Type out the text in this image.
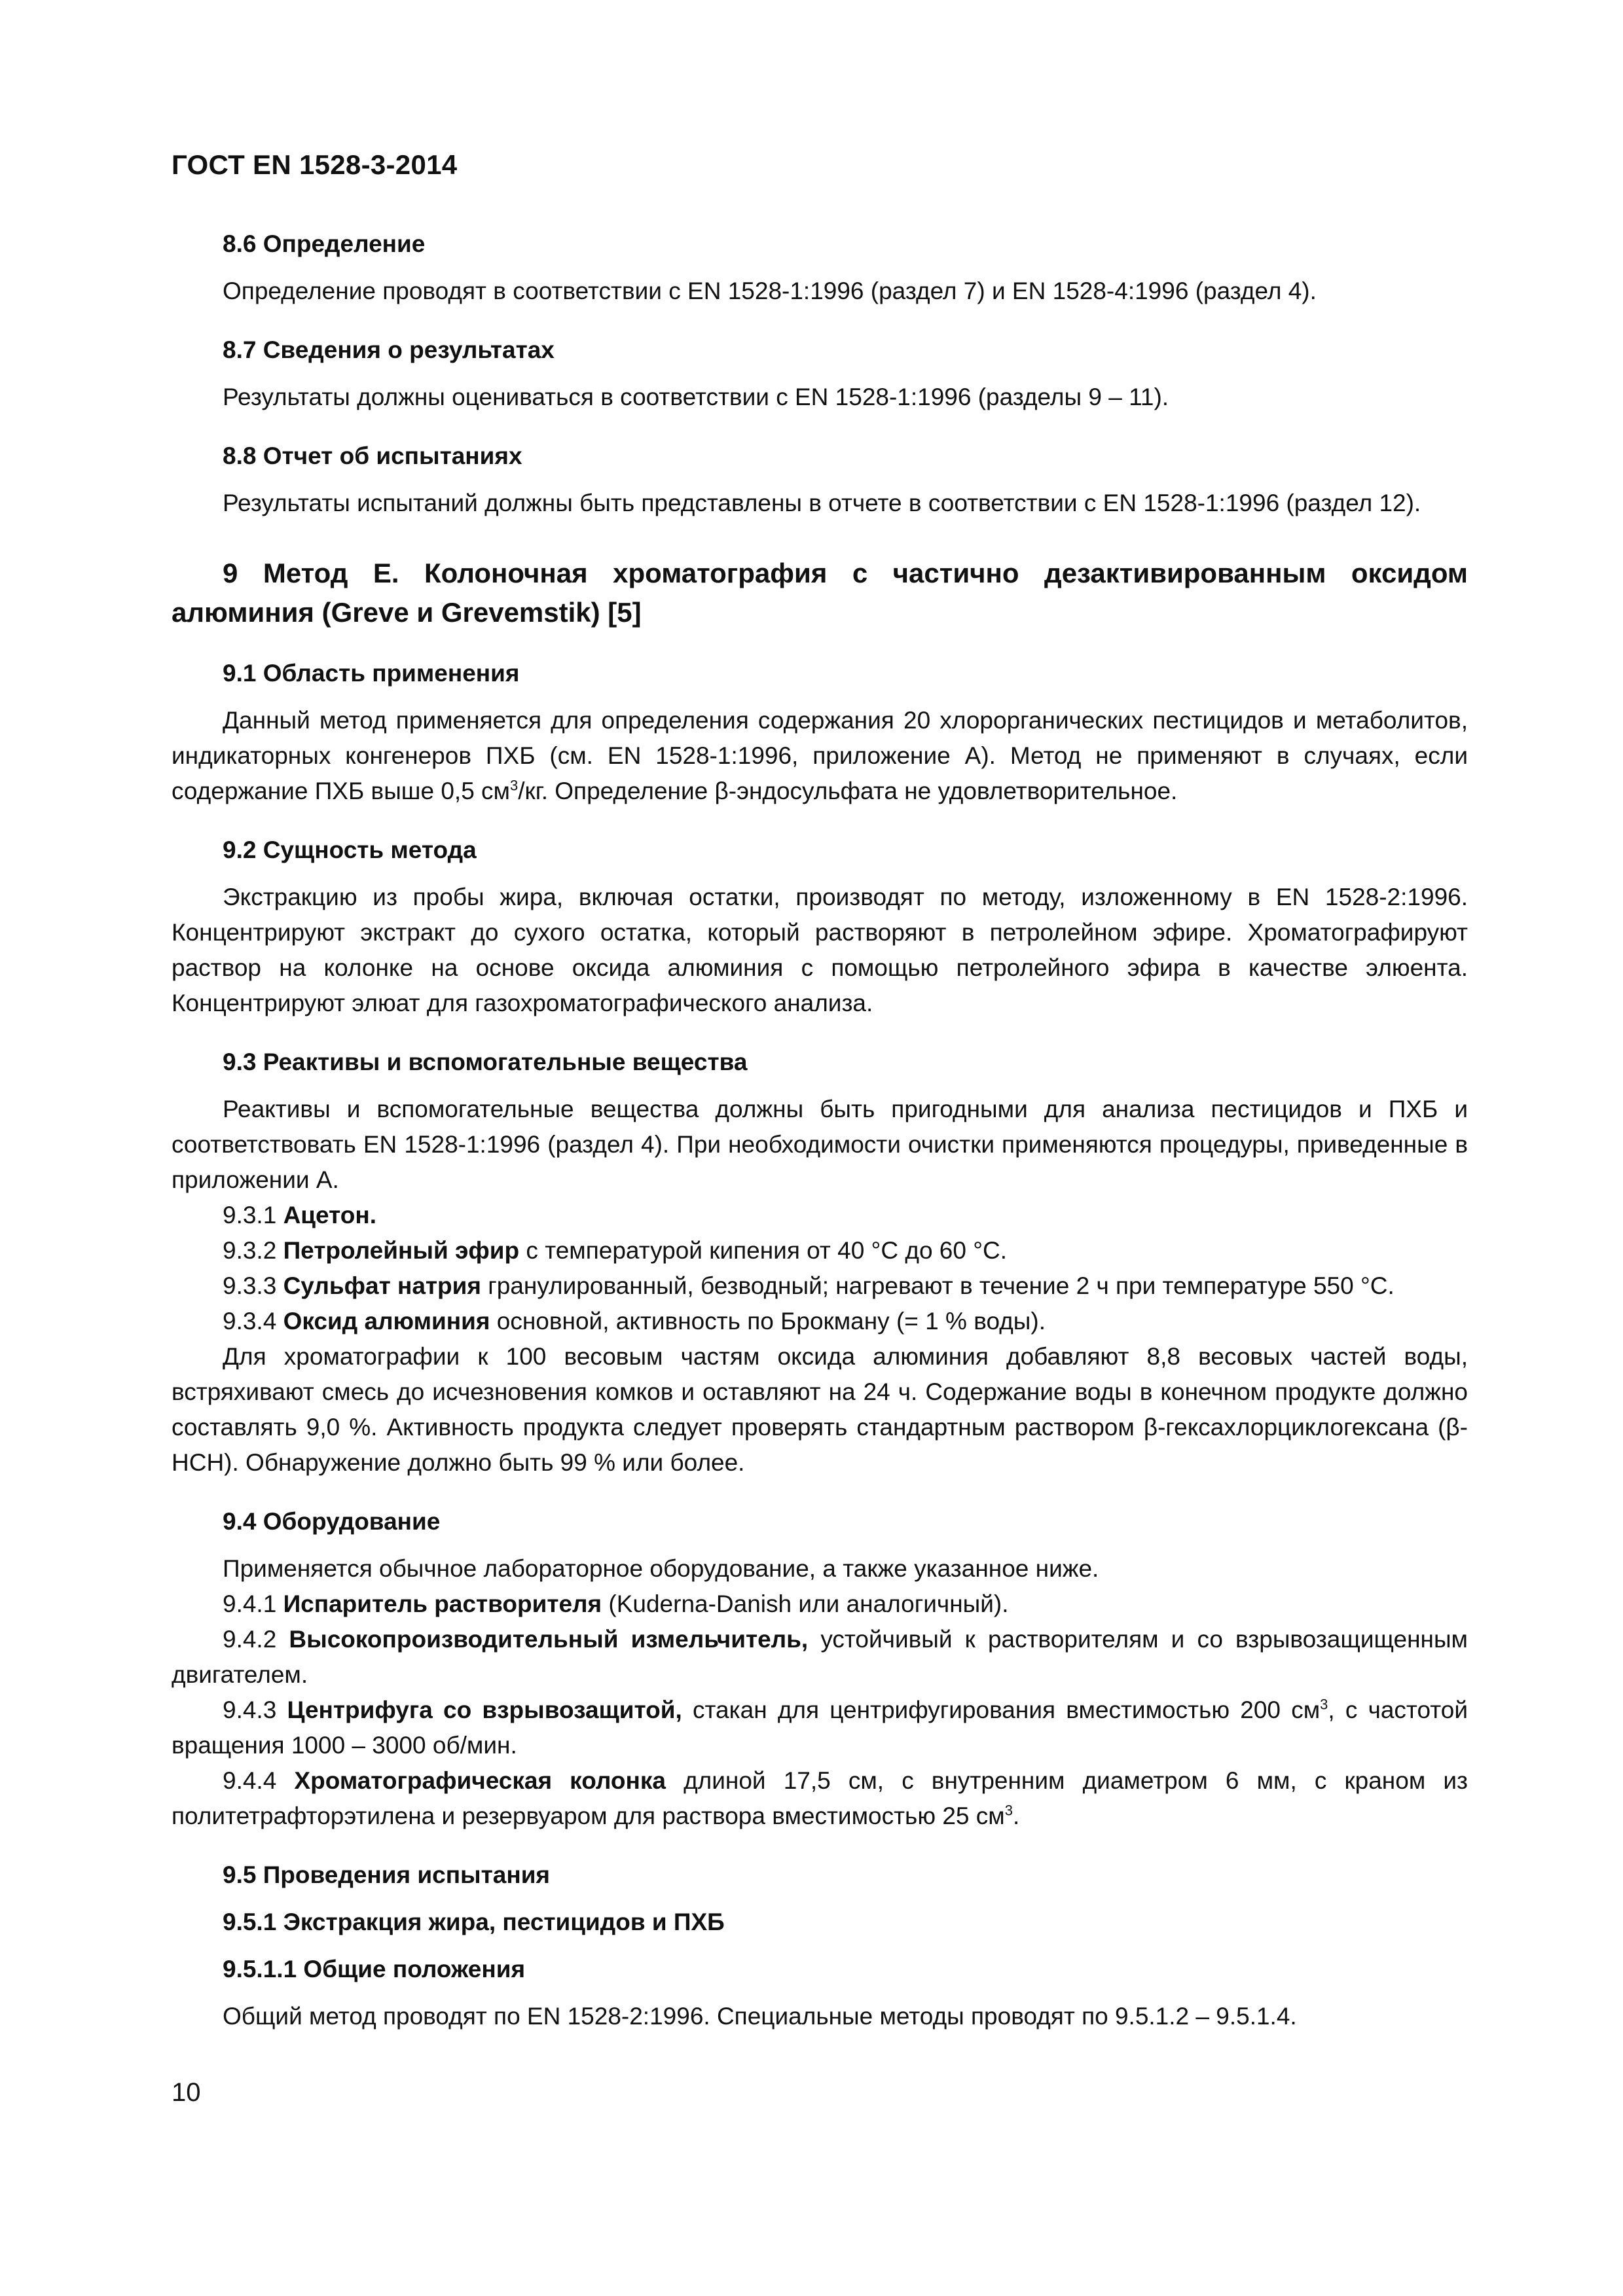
ГОСТ EN 1528-3-2014
8.6 Определение
Определение проводят в соответствии с EN 1528-1:1996 (раздел 7) и EN 1528-4:1996 (раздел 4).
8.7 Сведения о результатах
Результаты должны оцениваться в соответствии с EN 1528-1:1996 (разделы 9 – 11).
8.8 Отчет об испытаниях
Результаты испытаний должны быть представлены в отчете в соответствии с EN 1528-1:1996 (раздел 12).
9 Метод E. Колоночная хроматография с частично дезактивированным оксидом алюминия (Greve и Grevemstik) [5]
9.1 Область применения
Данный метод применяется для определения содержания 20 хлорорганических пестицидов и метаболитов, индикаторных конгенеров ПХБ (см. EN 1528-1:1996, приложение А). Метод не применяют в случаях, если содержание ПХБ выше 0,5 $см^3/кг$. Определение β-эндосульфата не удовлетворительное.
9.2 Сущность метода
Экстракцию из пробы жира, включая остатки, производят по методу, изложенному в EN 1528-2:1996. Концентрируют экстракт до сухого остатка, который растворяют в петролейном эфире. Хроматографируют раствор на колонке на основе оксида алюминия с помощью петролейного эфира в качестве элюента. Концентрируют элюат для газохроматографического анализа.
9.3 Реактивы и вспомогательные вещества
Реактивы и вспомогательные вещества должны быть пригодными для анализа пестицидов и ПХБ и соответствовать EN 1528-1:1996 (раздел 4). При необходимости очистки применяются процедуры, приведенные в приложении А.
9.3.1 Ацетон.
9.3.2 Петролейный эфир с температурой кипения от 40 °С до 60 °С.
9.3.3 Сульфат натрия гранулированный, безводный; нагревают в течение 2 ч при температуре 550 °С.
9.3.4 Оксид алюминия основной, активность по Брокману (= 1 % воды).
Для хроматографии к 100 весовым частям оксида алюминия добавляют 8,8 весовых частей воды, встряхивают смесь до исчезновения комков и оставляют на 24 ч. Содержание воды в конечном продукте должно составлять 9,0 %. Активность продукта следует проверять стандартным раствором β-гексахлорциклогексана (β-HCH). Обнаружение должно быть 99 % или более.
9.4 Оборудование
Применяется обычное лабораторное оборудование, а также указанное ниже.
9.4.1 Испаритель растворителя (Kuderna-Danish или аналогичный).
9.4.2 Высокопроизводительный измельчитель, устойчивый к растворителям и со взрывозащищенным двигателем.
9.4.3 Центрифуга со взрывозащитой, стакан для центрифугирования вместимостью 200 $см^3$, с частотой вращения 1000 – 3000 об/мин.
9.4.4 Хроматографическая колонка длиной 17,5 см, с внутренним диаметром 6 мм, с краном из политетрафторэтилена и резервуаром для раствора вместимостью 25 $см^3$.
9.5 Проведения испытания
9.5.1 Экстракция жира, пестицидов и ПХБ
9.5.1.1 Общие положения
Общий метод проводят по EN 1528-2:1996. Специальные методы проводят по 9.5.1.2 – 9.5.1.4.
10
